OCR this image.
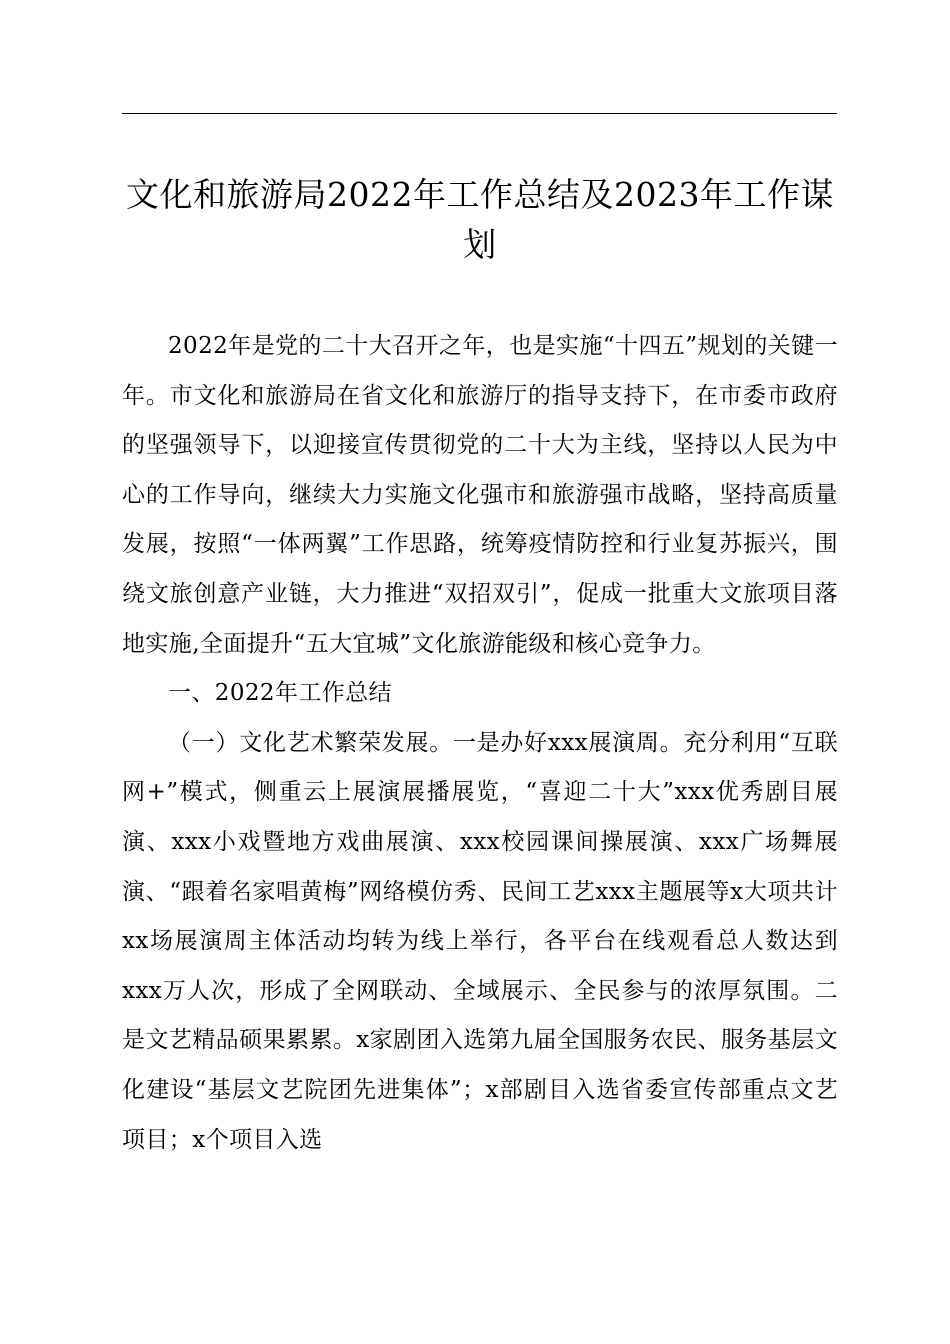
文化和旅游局2022年工作总结及2023年工作谋划

2022年是党的二十大召开之年，也是实施“十四五”规划的关键一年。市文化和旅游局在省文化和旅游厅的指导支持下，在市委市政府的坚强领导下，以迎接宣传贯彻党的二十大为主线，坚持以人民为中心的工作导向，继续大力实施文化强市和旅游强市战略，坚持高质量发展，按照“一体两翼”工作思路，统筹疫情防控和行业复苏振兴，围绕文旅创意产业链，大力推进“双招双引”，促成一批重大文旅项目落地实施,全面提升“五大宜城”文化旅游能级和核心竞争力。

一、2022年工作总结

（一）文化艺术繁荣发展。一是办好xxx展演周。充分利用“互联网+”模式，侧重云上展演展播展览，“喜迎二十大”xxx优秀剧目展演、xxx小戏暨地方戏曲展演、xxx校园课间操展演、xxx广场舞展演、“跟着名家唱黄梅”网络模仿秀、民间工艺xxx主题展等x大项共计xx场展演周主体活动均转为线上举行，各平台在线观看总人数达到xxx万人次，形成了全网联动、全域展示、全民参与的浓厚氛围。二是文艺精品硕果累累。x家剧团入选第九届全国服务农民、服务基层文化建设“基层文艺院团先进集体”；x部剧目入选省委宣传部重点文艺项目；x个项目入选
